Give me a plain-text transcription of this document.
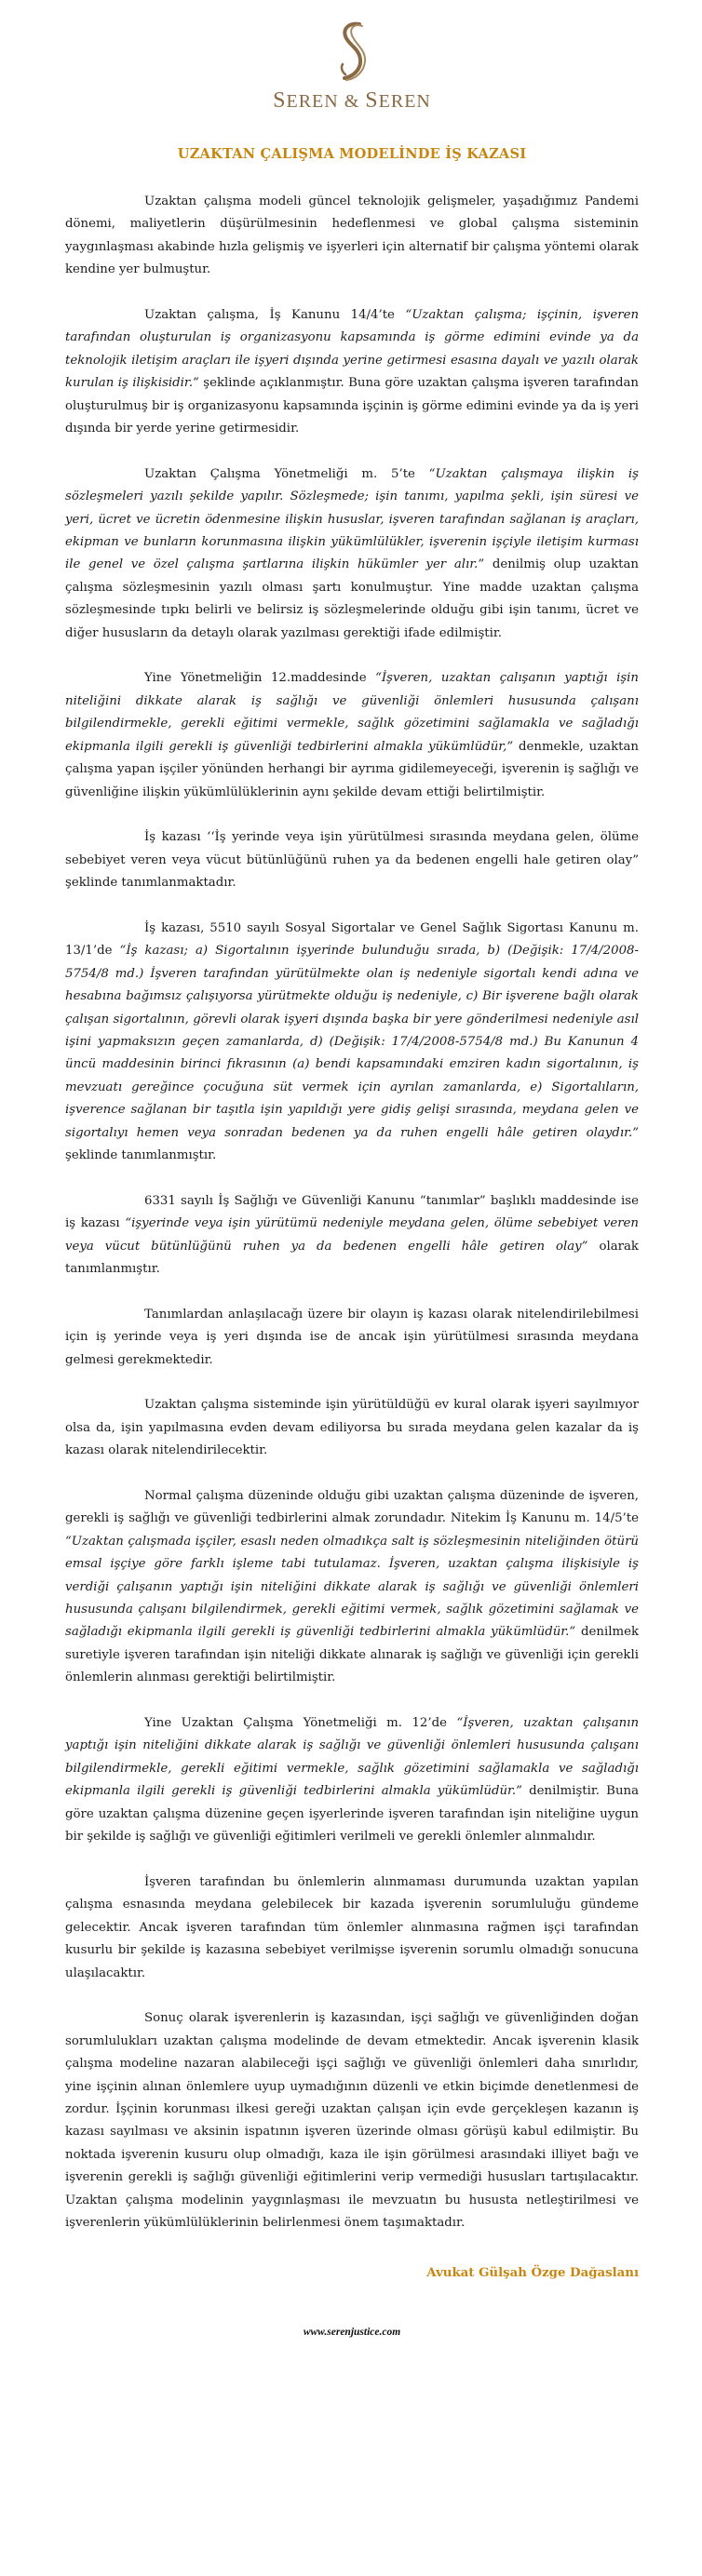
SEREN & SEREN
UZAKTAN ÇALIŞMA MODELİNDE İŞ KAZASI

Uzaktan çalışma modeli güncel teknolojik gelişmeler, yaşadığımız Pandemi dönemi, maliyetlerin düşürülmesinin hedeflenmesi ve global çalışma sisteminin yaygınlaşması akabinde hızla gelişmiş ve işyerleri için alternatif bir çalışma yöntemi olarak kendine yer bulmuştur.

Uzaktan çalışma, İş Kanunu 14/4’te “Uzaktan çalışma; işçinin, işveren tarafından oluşturulan iş organizasyonu kapsamında iş görme edimini evinde ya da teknolojik iletişim araçları ile işyeri dışında yerine getirmesi esasına dayalı ve yazılı olarak kurulan iş ilişkisidir.” şeklinde açıklanmıştır. Buna göre uzaktan çalışma işveren tarafından oluşturulmuş bir iş organizasyonu kapsamında işçinin iş görme edimini evinde ya da iş yeri dışında bir yerde yerine getirmesidir.

Uzaktan Çalışma Yönetmeliği m. 5’te “Uzaktan çalışmaya ilişkin iş sözleşmeleri yazılı şekilde yapılır. Sözleşmede; işin tanımı, yapılma şekli, işin süresi ve yeri, ücret ve ücretin ödenmesine ilişkin hususlar, işveren tarafından sağlanan iş araçları, ekipman ve bunların korunmasına ilişkin yükümlülükler, işverenin işçiyle iletişim kurması ile genel ve özel çalışma şartlarına ilişkin hükümler yer alır.” denilmiş olup uzaktan çalışma sözleşmesinin yazılı olması şartı konulmuştur. Yine madde uzaktan çalışma sözleşmesinde tıpkı belirli ve belirsiz iş sözleşmelerinde olduğu gibi işin tanımı, ücret ve diğer hususların da detaylı olarak yazılması gerektiği ifade edilmiştir.

Yine Yönetmeliğin 12.maddesinde “İşveren, uzaktan çalışanın yaptığı işin niteliğini dikkate alarak iş sağlığı ve güvenliği önlemleri hususunda çalışanı bilgilendirmekle, gerekli eğitimi vermekle, sağlık gözetimini sağlamakla ve sağladığı ekipmanla ilgili gerekli iş güvenliği tedbirlerini almakla yükümlüdür,” denmekle, uzaktan çalışma yapan işçiler yönünden herhangi bir ayrıma gidilemeyeceği, işverenin iş sağlığı ve güvenliğine ilişkin yükümlülüklerinin aynı şekilde devam ettiği belirtilmiştir.

İş kazası ‘‘İş yerinde veya işin yürütülmesi sırasında meydana gelen, ölüme sebebiyet veren veya vücut bütünlüğünü ruhen ya da bedenen engelli hale getiren olay” şeklinde tanımlanmaktadır.

İş kazası, 5510 sayılı Sosyal Sigortalar ve Genel Sağlık Sigortası Kanunu m. 13/1’de “İş kazası; a) Sigortalının işyerinde bulunduğu sırada, b) (Değişik: 17/4/2008-5754/8 md.) İşveren tarafından yürütülmekte olan iş nedeniyle sigortalı kendi adına ve hesabına bağımsız çalışıyorsa yürütmekte olduğu iş nedeniyle, c) Bir işverene bağlı olarak çalışan sigortalının, görevli olarak işyeri dışında başka bir yere gönderilmesi nedeniyle asıl işini yapmaksızın geçen zamanlarda, d) (Değişik: 17/4/2008-5754/8 md.) Bu Kanunun 4 üncü maddesinin birinci fıkrasının (a) bendi kapsamındaki emziren kadın sigortalının, iş mevzuatı gereğince çocuğuna süt vermek için ayrılan zamanlarda, e) Sigortalıların, işverence sağlanan bir taşıtla işin yapıldığı yere gidiş gelişi sırasında, meydana gelen ve sigortalıyı hemen veya sonradan bedenen ya da ruhen engelli hâle getiren olaydır.” şeklinde tanımlanmıştır.

6331 sayılı İş Sağlığı ve Güvenliği Kanunu “tanımlar” başlıklı maddesinde ise iş kazası “işyerinde veya işin yürütümü nedeniyle meydana gelen, ölüme sebebiyet veren veya vücut bütünlüğünü ruhen ya da bedenen engelli hâle getiren olay” olarak tanımlanmıştır.

Tanımlardan anlaşılacağı üzere bir olayın iş kazası olarak nitelendirilebilmesi için iş yerinde veya iş yeri dışında ise de ancak işin yürütülmesi sırasında meydana gelmesi gerekmektedir.

Uzaktan çalışma sisteminde işin yürütüldüğü ev kural olarak işyeri sayılmıyor olsa da, işin yapılmasına evden devam ediliyorsa bu sırada meydana gelen kazalar da iş kazası olarak nitelendirilecektir.

Normal çalışma düzeninde olduğu gibi uzaktan çalışma düzeninde de işveren, gerekli iş sağlığı ve güvenliği tedbirlerini almak zorundadır. Nitekim İş Kanunu m. 14/5’te “Uzaktan çalışmada işçiler, esaslı neden olmadıkça salt iş sözleşmesinin niteliğinden ötürü emsal işçiye göre farklı işleme tabi tutulamaz. İşveren, uzaktan çalışma ilişkisiyle iş verdiği çalışanın yaptığı işin niteliğini dikkate alarak iş sağlığı ve güvenliği önlemleri hususunda çalışanı bilgilendirmek, gerekli eğitimi vermek, sağlık gözetimini sağlamak ve sağladığı ekipmanla ilgili gerekli iş güvenliği tedbirlerini almakla yükümlüdür.” denilmek suretiyle işveren tarafından işin niteliği dikkate alınarak iş sağlığı ve güvenliği için gerekli önlemlerin alınması gerektiği belirtilmiştir.

Yine Uzaktan Çalışma Yönetmeliği m. 12’de “İşveren, uzaktan çalışanın yaptığı işin niteliğini dikkate alarak iş sağlığı ve güvenliği önlemleri hususunda çalışanı bilgilendirmekle, gerekli eğitimi vermekle, sağlık gözetimini sağlamakla ve sağladığı ekipmanla ilgili gerekli iş güvenliği tedbirlerini almakla yükümlüdür.” denilmiştir. Buna göre uzaktan çalışma düzenine geçen işyerlerinde işveren tarafından işin niteliğine uygun bir şekilde iş sağlığı ve güvenliği eğitimleri verilmeli ve gerekli önlemler alınmalıdır.

İşveren tarafından bu önlemlerin alınmaması durumunda uzaktan yapılan çalışma esnasında meydana gelebilecek bir kazada işverenin sorumluluğu gündeme gelecektir. Ancak işveren tarafından tüm önlemler alınmasına rağmen işçi tarafından kusurlu bir şekilde iş kazasına sebebiyet verilmişse işverenin sorumlu olmadığı sonucuna ulaşılacaktır.

Sonuç olarak işverenlerin iş kazasından, işçi sağlığı ve güvenliğinden doğan sorumlulukları uzaktan çalışma modelinde de devam etmektedir. Ancak işverenin klasik çalışma modeline nazaran alabileceği işçi sağlığı ve güvenliği önlemleri daha sınırlıdır, yine işçinin alınan önlemlere uyup uymadığının düzenli ve etkin biçimde denetlenmesi de zordur. İşçinin korunması ilkesi gereği uzaktan çalışan için evde gerçekleşen kazanın iş kazası sayılması ve aksinin ispatının işveren üzerinde olması görüşü kabul edilmiştir. Bu noktada işverenin kusuru olup olmadığı, kaza ile işin görülmesi arasındaki illiyet bağı ve işverenin gerekli iş sağlığı güvenliği eğitimlerini verip vermediği hususları tartışılacaktır. Uzaktan çalışma modelinin yaygınlaşması ile mevzuatın bu hususta netleştirilmesi ve işverenlerin yükümlülüklerinin belirlenmesi önem taşımaktadır.

Avukat Gülşah Özge Dağaslanı
www.serenjustice.com
